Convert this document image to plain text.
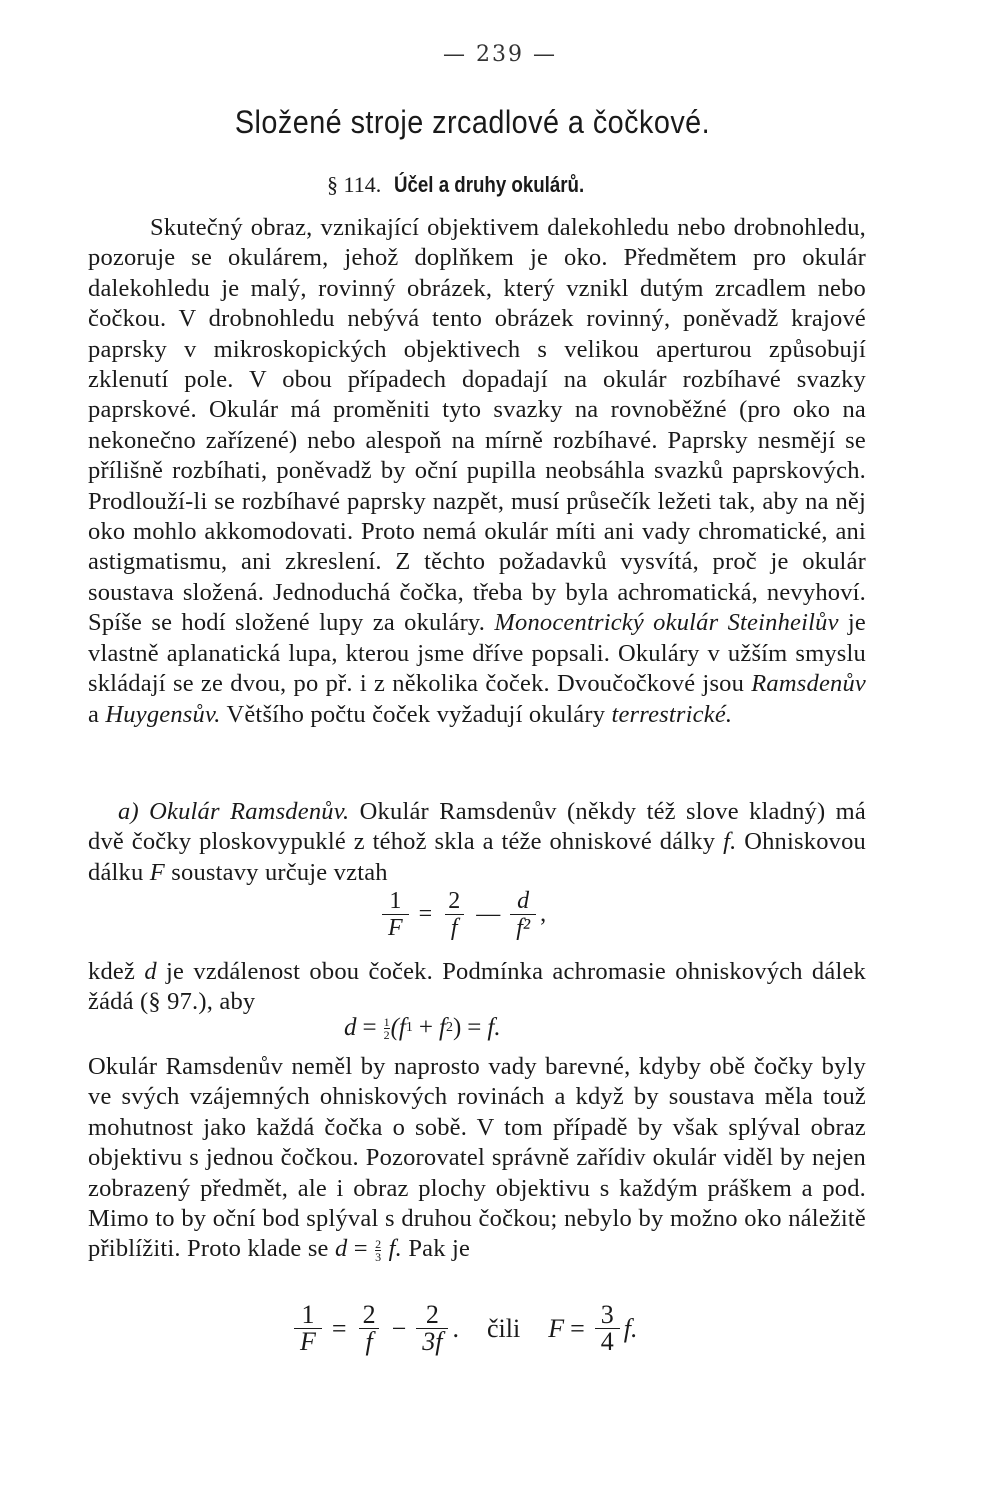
— 239 —
Složené stroje zrcadlové a čočkové.
§ 114. Účel a druhy okulárů.
Skutečný obraz, vznikající objektivem dalekohledu nebo drobnohledu, pozoruje se okulárem, jehož doplňkem je oko. Předmětem pro okulár dalekohledu je malý, rovinný obrázek, který vznikl dutým zrcadlem nebo čočkou. V drobnohledu nebývá tento obrázek rovinný, poněvadž krajové paprsky v mikroskopických objektivech s velikou aperturou způsobují zklenutí pole. V obou případech dopadají na okulár rozbíhavé svazky paprskové. Okulár má proměniti tyto svazky na rovnoběžné (pro oko na nekonečno zařízené) nebo alespoň na mírně rozbíhavé. Paprsky nesmějí se přílišně rozbíhati, poněvadž by oční pupilla neobsáhla svazků paprskových. Prodlouží-li se rozbíhavé paprsky nazpět, musí průsečík ležeti tak, aby na něj oko mohlo akkomodovati. Proto nemá okulár míti ani vady chromatické, ani astigmatismu, ani zkreslení. Z těchto požadavků vysvítá, proč je okulár soustava složená. Jednoduchá čočka, třeba by byla achromatická, nevyhoví. Spíše se hodí složené lupy za okuláry. Monocentrický okulár Steinheilův je vlastně aplanatická lupa, kterou jsme dříve popsali. Okuláry v užším smyslu skládají se ze dvou, po př. i z několika čoček. Dvoučočkové jsou Ramsdenův a Huygensův. Většího počtu čoček vyžadují okuláry terrestrické.
a) Okulár Ramsdenův. Okulár Ramsdenův (někdy též slove kladný) má dvě čočky ploskovypuklé z téhož skla a téže ohniskové dálky f. Ohniskovou dálku F soustavy určuje vztah
$\frac{1}{F} = \frac{2}{f}$ — $\frac{d}{\text{f²}}$ ,
kdež d je vzdálenost obou čoček. Podmínka achromasie ohniskových dálek žádá (§ 97.), aby
$d = \frac{1}{2} (f$ 1 + f 2 ) = f.
Okulár Ramsdenův neměl by naprosto vady barevné, kdyby obě čočky byly ve svých vzájemných ohniskových rovinách a když by soustava měla touž mohutnost jako každá čočka o sobě. V tom případě by však splýval obraz objektivu s jednou čočkou. Pozorovatel správně zařídiv okulár viděl by nejen zobrazený předmět, ale i obraz plochy objektivu s každým práškem a pod. Mimo to by oční bod splýval s druhou čočkou; nebylo by možno oko náležitě přiblížiti. Proto klade se $d = \frac{2}{3} f$. Pak je
$\frac{1}{F} = \frac{2}{f} - \frac{2}{3f}$ . čili $F = \frac{3}{4} f$.
